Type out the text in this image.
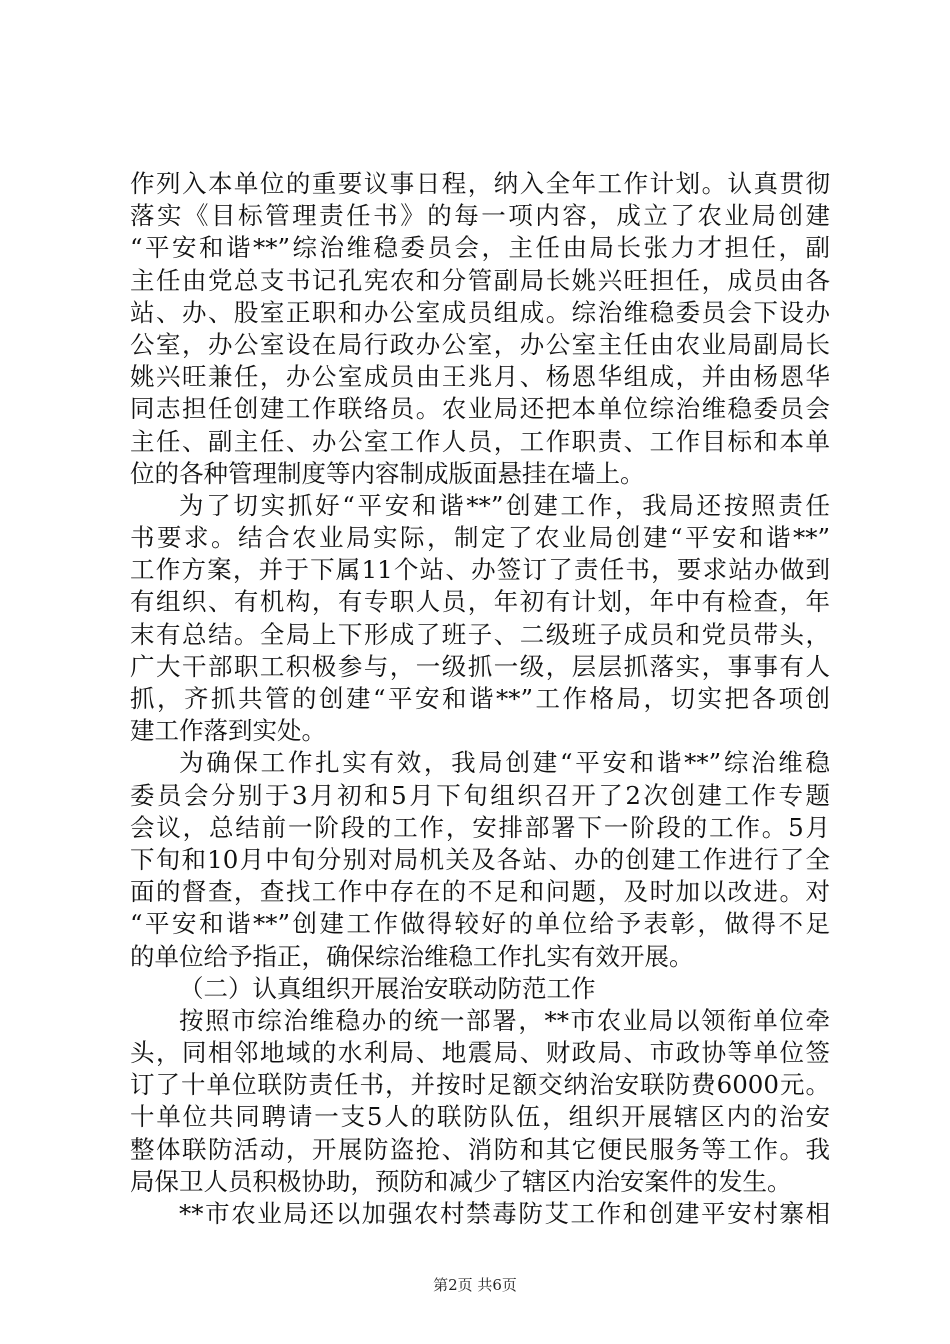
作列入本单位的重要议事日程，纳入全年工作计划。认真贯彻
落实《目标管理责任书》的每一项内容，成立了农业局创建
“平安和谐**”综治维稳委员会，主任由局长张力才担任，副
主任由党总支书记孔宪农和分管副局长姚兴旺担任，成员由各
站、办、股室正职和办公室成员组成。综治维稳委员会下设办
公室，办公室设在局行政办公室，办公室主任由农业局副局长
姚兴旺兼任，办公室成员由王兆月、杨恩华组成，并由杨恩华
同志担任创建工作联络员。农业局还把本单位综治维稳委员会
主任、副主任、办公室工作人员，工作职责、工作目标和本单
位的各种管理制度等内容制成版面悬挂在墙上。
为了切实抓好“平安和谐**”创建工作，我局还按照责任
书要求。结合农业局实际，制定了农业局创建“平安和谐**”
工作方案，并于下属11个站、办签订了责任书，要求站办做到
有组织、有机构，有专职人员，年初有计划，年中有检查，年
末有总结。全局上下形成了班子、二级班子成员和党员带头，
广大干部职工积极参与，一级抓一级，层层抓落实，事事有人
抓，齐抓共管的创建“平安和谐**”工作格局，切实把各项创
建工作落到实处。
为确保工作扎实有效，我局创建“平安和谐**”综治维稳
委员会分别于3月初和5月下旬组织召开了2次创建工作专题
会议，总结前一阶段的工作，安排部署下一阶段的工作。5月
下旬和10月中旬分别对局机关及各站、办的创建工作进行了全
面的督查，查找工作中存在的不足和问题，及时加以改进。对
“平安和谐**”创建工作做得较好的单位给予表彰，做得不足
的单位给予指正，确保综治维稳工作扎实有效开展。
（二）认真组织开展治安联动防范工作
按照市综治维稳办的统一部署，**市农业局以领衔单位牵
头，同相邻地域的水利局、地震局、财政局、市政协等单位签
订了十单位联防责任书，并按时足额交纳治安联防费6000元。
十单位共同聘请一支5人的联防队伍，组织开展辖区内的治安
整体联防活动，开展防盗抢、消防和其它便民服务等工作。我
局保卫人员积极协助，预防和减少了辖区内治安案件的发生。
**市农业局还以加强农村禁毒防艾工作和创建平安村寨相
第2页 共6页
